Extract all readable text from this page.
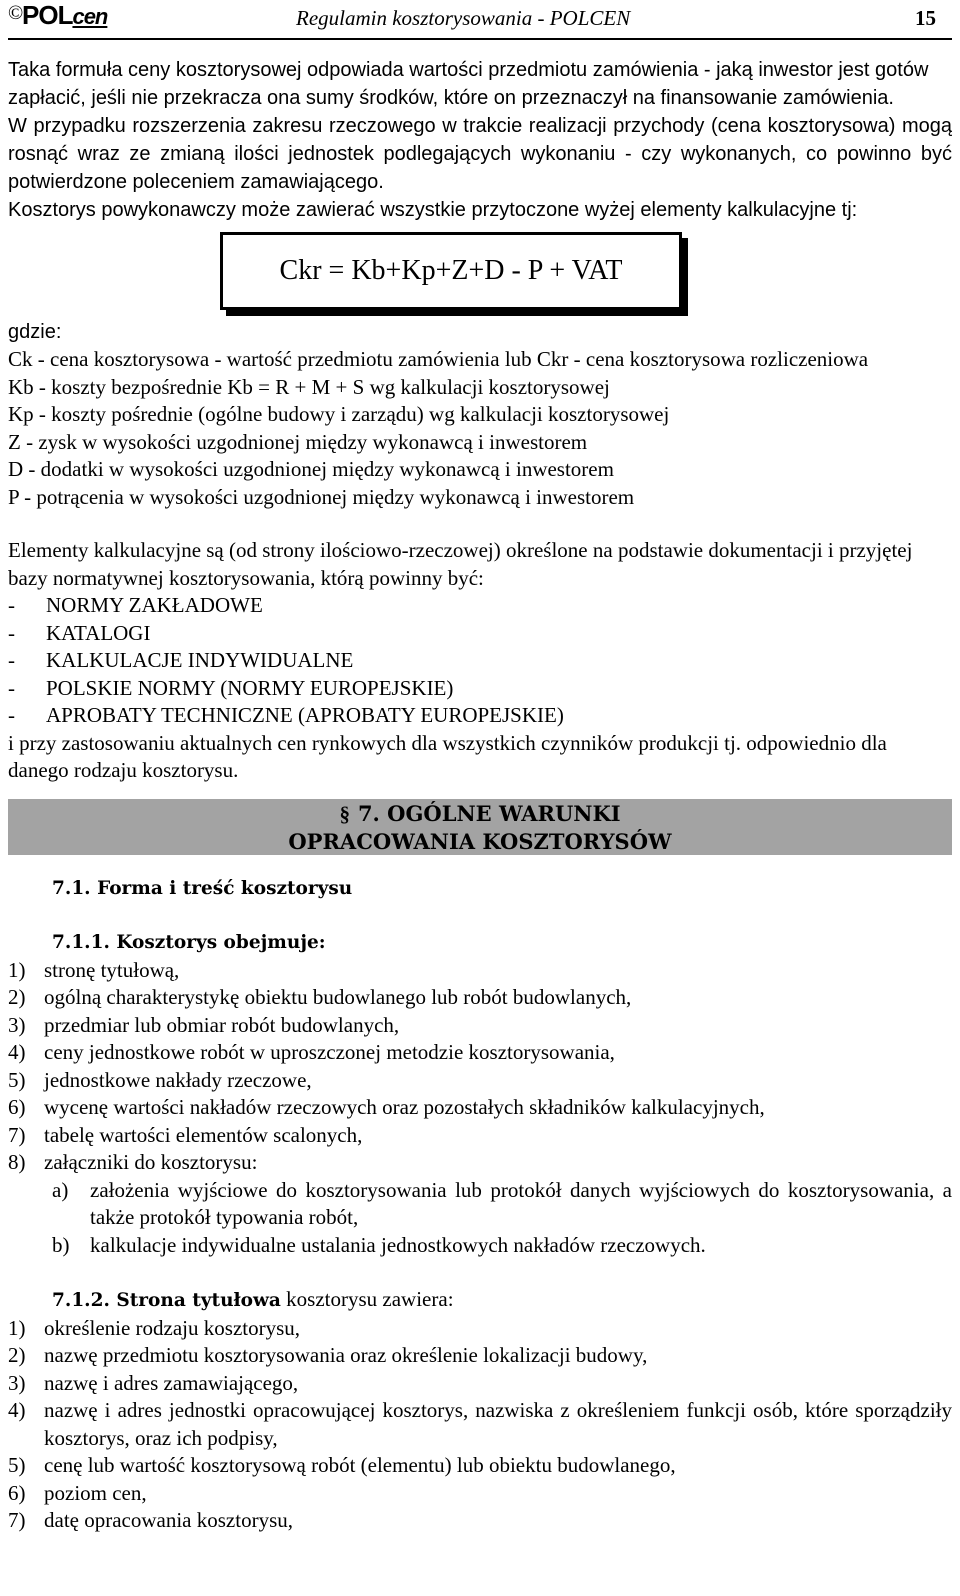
©
POLcen	Regulamin kosztorysowania - POLCEN	15

Taka formuła ceny kosztorysowej odpowiada wartości przedmiotu zamówienia - jaką inwestor jest gotów zapłacić, jeśli nie przekracza ona sumy środków, które on przeznaczył na finansowanie zamówienia.

W przypadku rozszerzenia zakresu rzeczowego w trakcie realizacji przychody (cena kosztorysowa) mogą rosnąć wraz ze zmianą ilości jednostek podlegających wykonaniu - czy wykonanych, co powinno być potwierdzone poleceniem zamawiającego.

Kosztorys powykonawczy może zawierać wszystkie przytoczone wyżej elementy kalkulacyjne tj:

Ckr = Kb+Kp+Z+D - P + VAT

gdzie:

Ck - cena kosztorysowa - wartość przedmiotu zamówienia lub Ckr - cena kosztorysowa rozliczeniowa

Kb - koszty bezpośrednie Kb = R + M + S wg kalkulacji kosztorysowej

Kp - koszty pośrednie (ogólne budowy i zarządu) wg kalkulacji kosztorysowej

Z - zysk w wysokości uzgodnionej między wykonawcą i inwestorem

D - dodatki w wysokości uzgodnionej między wykonawcą i inwestorem

P - potrącenia w wysokości uzgodnionej między wykonawcą i inwestorem

Elementy kalkulacyjne są (od strony ilościowo-rzeczowej) określone na podstawie dokumentacji i przyjętej bazy normatywnej kosztorysowania, którą powinny być:

- NORMY ZAKŁADOWE
- KATALOGI
- KALKULACJE INDYWIDUALNE
- POLSKIE NORMY (NORMY EUROPEJSKIE)
- APROBATY TECHNICZNE (APROBATY EUROPEJSKIE)

i przy zastosowaniu aktualnych cen rynkowych dla wszystkich czynników produkcji tj. odpowiednio dla danego rodzaju kosztorysu.

§ 7. OGÓLNE WARUNKI
OPRACOWANIA KOSZTORYSÓW
7.1. Forma i treść kosztorysu
7.1.1. Kosztorys obejmuje:
1) stronę tytułową,
2) ogólną charakterystykę obiektu budowlanego lub robót budowlanych,
3) przedmiar lub obmiar robót budowlanych,
4) ceny jednostkowe robót w uproszczonej metodzie kosztorysowania,
5) jednostkowe nakłady rzeczowe,
6) wycenę wartości nakładów rzeczowych oraz pozostałych składników kalkulacyjnych,
7) tabelę wartości elementów scalonych,
8) załączniki do kosztorysu:
a) założenia wyjściowe do kosztorysowania lub protokół danych wyjściowych do kosztorysowania, a także protokół typowania robót,
b) kalkulacje indywidualne ustalania jednostkowych nakładów rzeczowych.
7.1.2. Strona tytułowa kosztorysu zawiera:
1) określenie rodzaju kosztorysu,
2) nazwę przedmiotu kosztorysowania oraz określenie lokalizacji budowy,
3) nazwę i adres zamawiającego,
4) nazwę i adres jednostki opracowującej kosztorys, nazwiska z określeniem funkcji osób, które sporządziły kosztorys, oraz ich podpisy,
5) cenę lub wartość kosztorysową robót (elementu) lub obiektu budowlanego,
6) poziom cen,
7) datę opracowania kosztorysu,
